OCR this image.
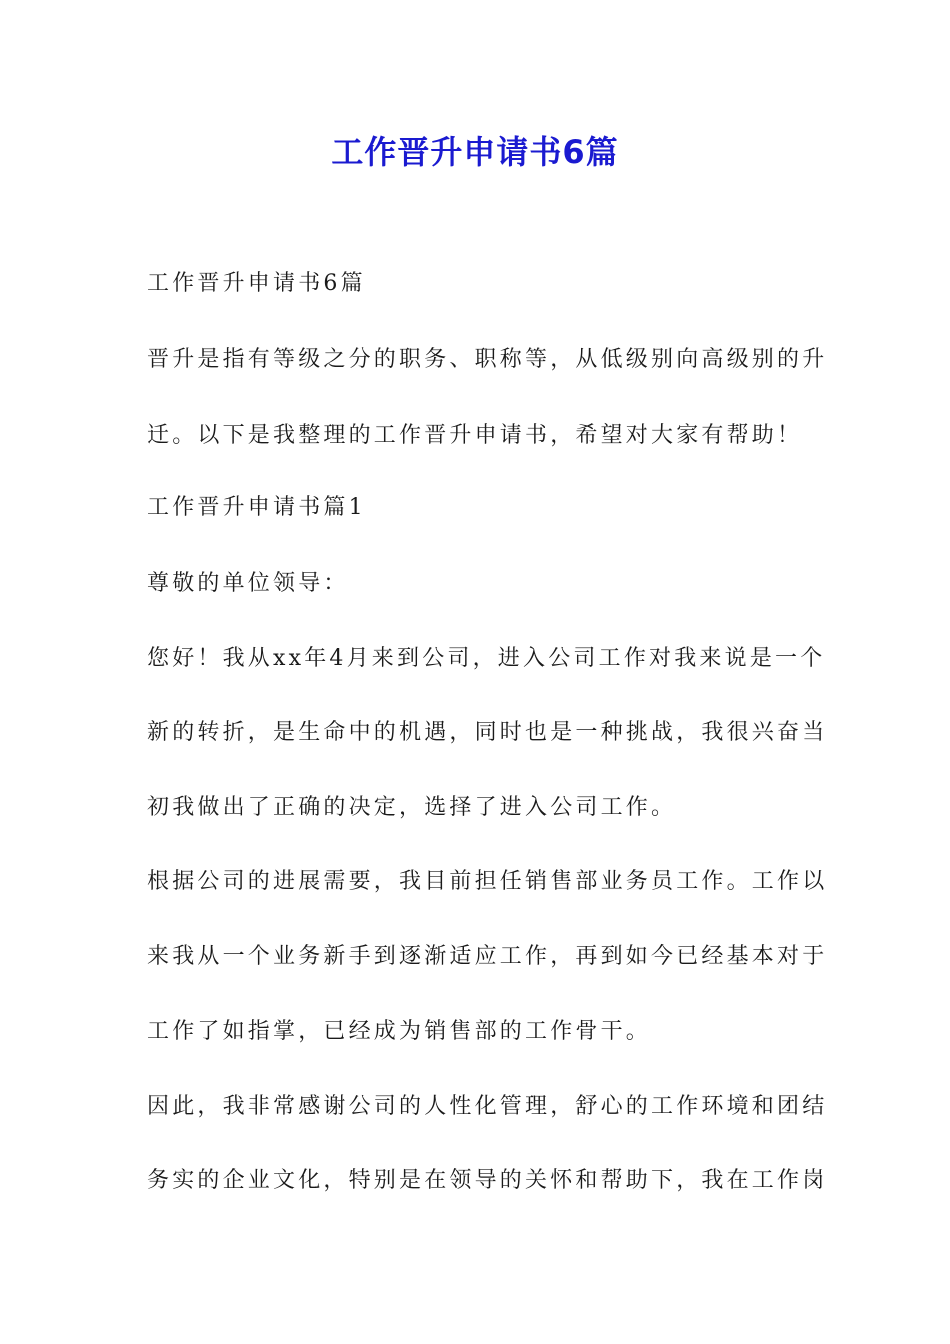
工作晋升申请书6篇
工作晋升申请书6篇
晋升是指有等级之分的职务、职称等，从低级别向高级别的升
迁。以下是我整理的工作晋升申请书，希望对大家有帮助！
工作晋升申请书篇1
尊敬的单位领导：
您好！我从xx年4月来到公司，进入公司工作对我来说是一个
新的转折，是生命中的机遇，同时也是一种挑战，我很兴奋当
初我做出了正确的决定，选择了进入公司工作。
根据公司的进展需要，我目前担任销售部业务员工作。工作以
来我从一个业务新手到逐渐适应工作，再到如今已经基本对于
工作了如指掌，已经成为销售部的工作骨干。
因此，我非常感谢公司的人性化管理，舒心的工作环境和团结
务实的企业文化，特别是在领导的关怀和帮助下，我在工作岗
